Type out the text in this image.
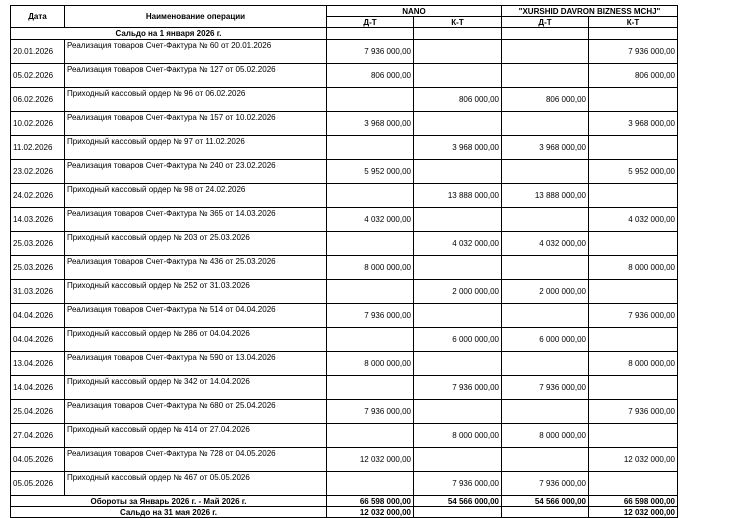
Дата	Наименование операции	NANO		"XURSHID DAVRON BIZNESS MCHJ"	
		Д-Т	К-Т	Д-Т	К-Т
Сальдо на 1 января 2026 г.					
20.01.2026	Реализация товаров Счет-Фактура № 60 от 20.01.2026	7 936 000,00			7 936 000,00
05.02.2026	Реализация товаров Счет-Фактура № 127 от 05.02.2026	806 000,00			806 000,00
06.02.2026	Приходный кассовый ордер № 96 от 06.02.2026		806 000,00	806 000,00	
10.02.2026	Реализация товаров Счет-Фактура № 157 от 10.02.2026	3 968 000,00			3 968 000,00
11.02.2026	Приходный кассовый ордер № 97 от 11.02.2026		3 968 000,00	3 968 000,00	
23.02.2026	Реализация товаров Счет-Фактура № 240 от 23.02.2026	5 952 000,00			5 952 000,00
24.02.2026	Приходный кассовый ордер № 98 от 24.02.2026		13 888 000,00	13 888 000,00	
14.03.2026	Реализация товаров Счет-Фактура № 365 от 14.03.2026	4 032 000,00			4 032 000,00
25.03.2026	Приходный кассовый ордер № 203 от 25.03.2026		4 032 000,00	4 032 000,00	
25.03.2026	Реализация товаров Счет-Фактура № 436 от 25.03.2026	8 000 000,00			8 000 000,00
31.03.2026	Приходный кассовый ордер № 252 от 31.03.2026		2 000 000,00	2 000 000,00	
04.04.2026	Реализация товаров Счет-Фактура № 514 от 04.04.2026	7 936 000,00			7 936 000,00
04.04.2026	Приходный кассовый ордер № 286 от 04.04.2026		6 000 000,00	6 000 000,00	
13.04.2026	Реализация товаров Счет-Фактура № 590 от 13.04.2026	8 000 000,00			8 000 000,00
14.04.2026	Приходный кассовый ордер № 342 от 14.04.2026		7 936 000,00	7 936 000,00	
25.04.2026	Реализация товаров Счет-Фактура № 680 от 25.04.2026	7 936 000,00			7 936 000,00
27.04.2026	Приходный кассовый ордер № 414 от 27.04.2026		8 000 000,00	8 000 000,00	
04.05.2026	Реализация товаров Счет-Фактура № 728 от 04.05.2026	12 032 000,00			12 032 000,00
05.05.2026	Приходный кассовый ордер № 467 от 05.05.2026		7 936 000,00	7 936 000,00	
Обороты за Январь 2026 г. - Май 2026 г.		66 598 000,00	54 566 000,00	54 566 000,00	66 598 000,00
Сальдо на 31 мая 2026 г.		12 032 000,00			12 032 000,00
